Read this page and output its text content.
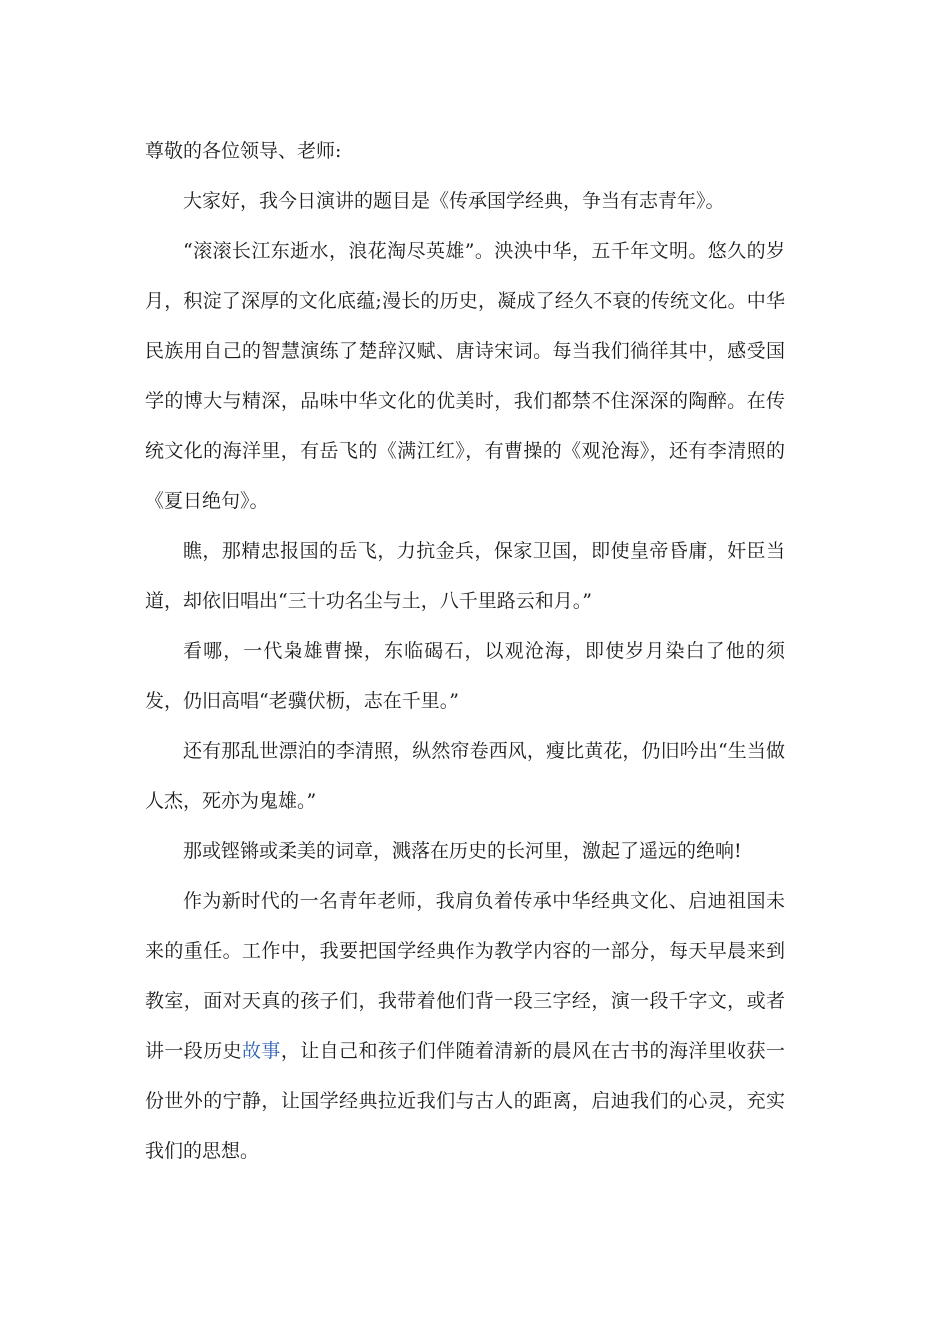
尊敬的各位领导、老师:

大家好，我今日演讲的题目是《传承国学经典，争当有志青年》。

“滚滚长江东逝水，浪花淘尽英雄”。泱泱中华，五千年文明。悠久的岁月，积淀了深厚的文化底蕴;漫长的历史，凝成了经久不衰的传统文化。中华民族用自己的智慧演练了楚辞汉赋、唐诗宋词。每当我们徜徉其中，感受国学的博大与精深，品味中华文化的优美时，我们都禁不住深深的陶醉。在传统文化的海洋里，有岳飞的《满江红》，有曹操的《观沧海》，还有李清照的《夏日绝句》。

瞧，那精忠报国的岳飞，力抗金兵，保家卫国，即使皇帝昏庸，奸臣当道，却依旧唱出“三十功名尘与土，八千里路云和月。”

看哪，一代枭雄曹操，东临碣石，以观沧海，即使岁月染白了他的须发，仍旧高唱“老骥伏枥，志在千里。”

还有那乱世漂泊的李清照，纵然帘卷西风，瘦比黄花，仍旧吟出“生当做人杰，死亦为鬼雄。”

那或铿锵或柔美的词章，溅落在历史的长河里，激起了遥远的绝响!

作为新时代的一名青年老师，我肩负着传承中华经典文化、启迪祖国未来的重任。工作中，我要把国学经典作为教学内容的一部分，每天早晨来到教室，面对天真的孩子们，我带着他们背一段三字经，演一段千字文，或者讲一段历史故事，让自己和孩子们伴随着清新的晨风在古书的海洋里收获一份世外的宁静，让国学经典拉近我们与古人的距离，启迪我们的心灵，充实我们的思想。
